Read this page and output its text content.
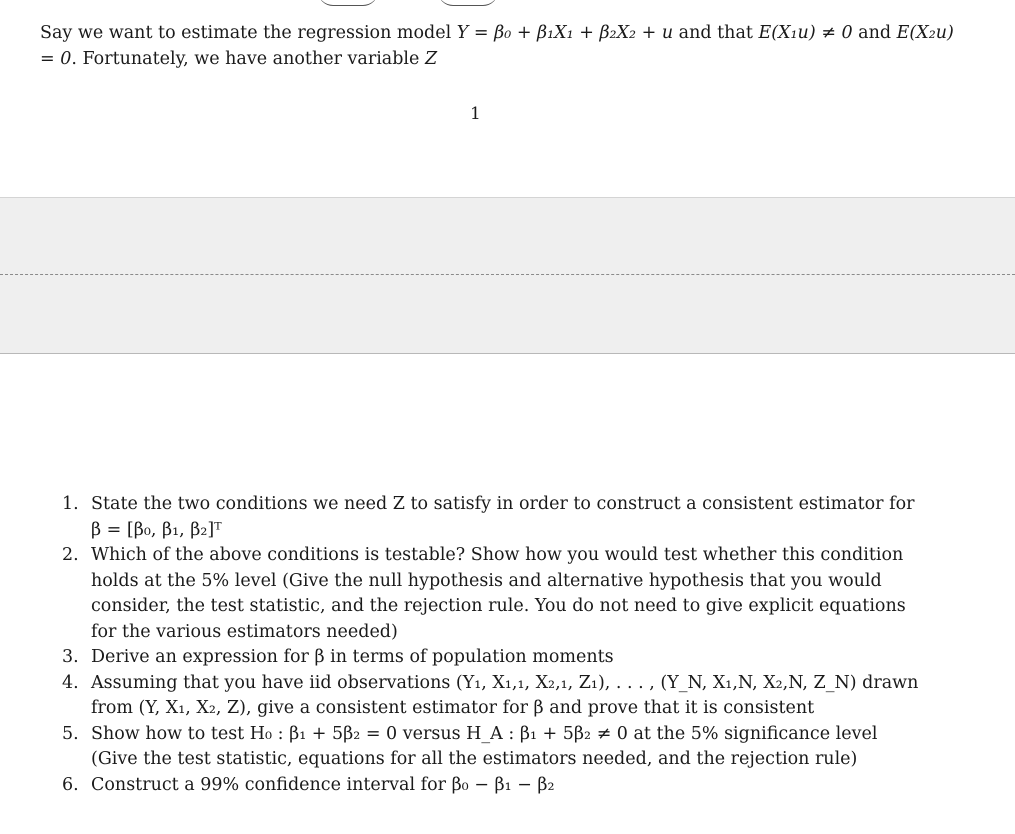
Say we want to estimate the regression model Y = β₀ + β₁X₁ + β₂X₂ + u and that E(X₁u) ≠ 0 and E(X₂u) = 0. Fortunately, we have another variable Z

1
1. State the two conditions we need Z to satisfy in order to construct a consistent estimator for β = [β₀, β₁, β₂]ᵀ
2. Which of the above conditions is testable? Show how you would test whether this condition holds at the 5% level (Give the null hypothesis and alternative hypothesis that you would consider, the test statistic, and the rejection rule. You do not need to give explicit equations for the various estimators needed)
3. Derive an expression for β in terms of population moments
4. Assuming that you have iid observations (Y₁, X₁,₁, X₂,₁, Z₁), . . . , (Y_N, X₁,N, X₂,N, Z_N) drawn from (Y, X₁, X₂, Z), give a consistent estimator for β and prove that it is consistent
5. Show how to test H₀ : β₁ + 5β₂ = 0 versus H_A : β₁ + 5β₂ ≠ 0 at the 5% significance level (Give the test statistic, equations for all the estimators needed, and the rejection rule)
6. Construct a 99% confidence interval for β₀ − β₁ − β₂
